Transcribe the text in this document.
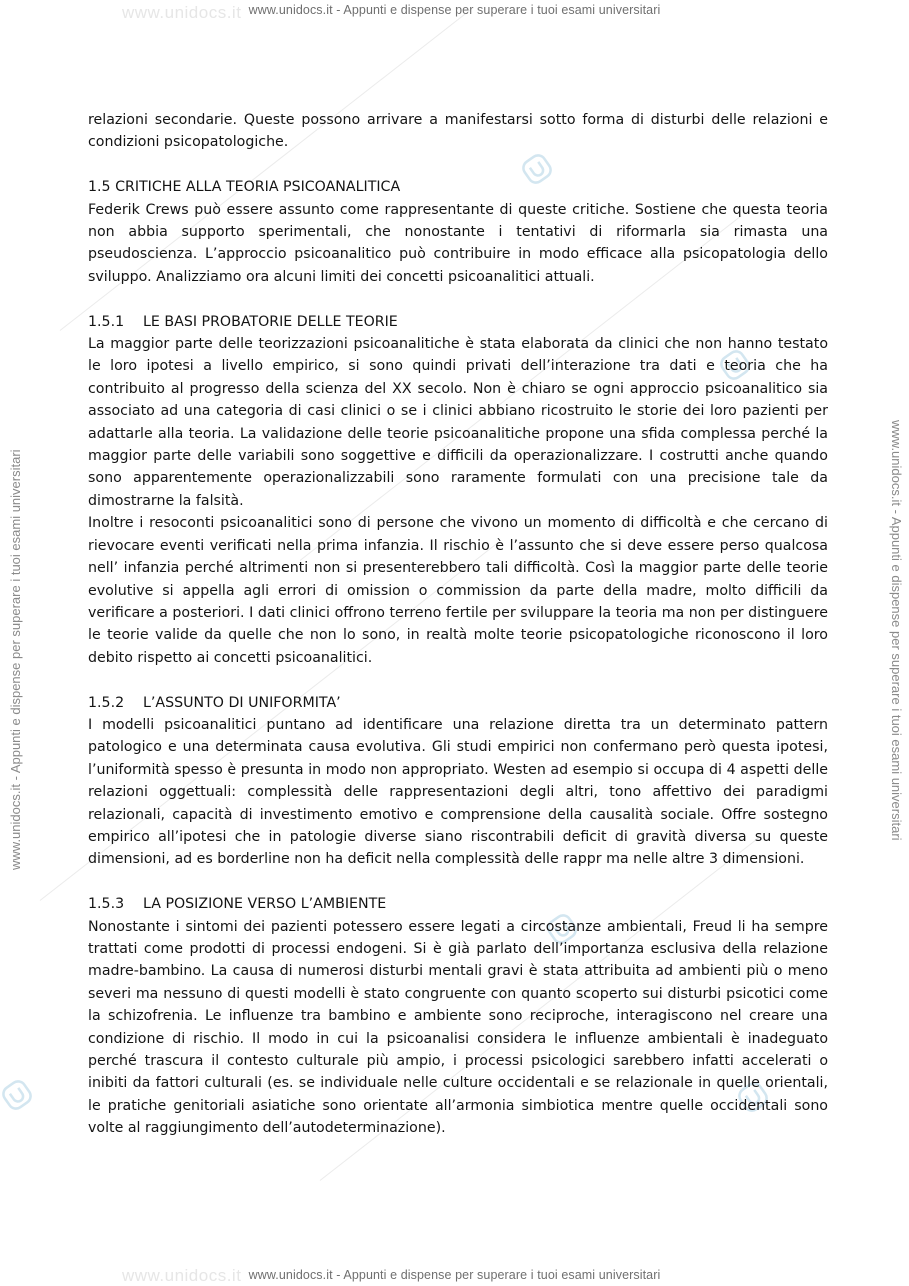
www.unidocs.it
www.unidocs.it
www.unidocs.it - Appunti e dispense per superare i tuoi esami universitari
www.unidocs.it - Appunti e dispense per superare i tuoi esami universitari
www.unidocs.it - Appunti e dispense per superare i tuoi esami universitari	www.unidocs.it - Appunti e dispense per superare i tuoi esami universitari

relazioni secondarie. Queste possono arrivare a manifestarsi sotto forma di disturbi delle relazioni e condizioni psicopatologiche.

1.5 CRITICHE ALLA TEORIA PSICOANALITICA

Federik Crews può essere assunto come rappresentante di queste critiche. Sostiene che questa teoria non abbia supporto sperimentali, che nonostante i tentativi di riformarla sia rimasta una pseudoscienza. L’approccio psicoanalitico può contribuire in modo efficace alla psicopatologia dello sviluppo. Analizziamo ora alcuni limiti dei concetti psicoanalitici attuali.

1.5.1 LE BASI PROBATORIE DELLE TEORIE

La maggior parte delle teorizzazioni psicoanalitiche è stata elaborata da clinici che non hanno testato le loro ipotesi a livello empirico, si sono quindi privati dell’interazione tra dati e teoria che ha contribuito al progresso della scienza del XX secolo. Non è chiaro se ogni approccio psicoanalitico sia associato ad una categoria di casi clinici o se i clinici abbiano ricostruito le storie dei loro pazienti per adattarle alla teoria. La validazione delle teorie psicoanalitiche propone una sfida complessa perché la maggior parte delle variabili sono soggettive e difficili da operazionalizzare. I costrutti anche quando sono apparentemente operazionalizzabili sono raramente formulati con una precisione tale da dimostrarne la falsità.

Inoltre i resoconti psicoanalitici sono di persone che vivono un momento di difficoltà e che cercano di rievocare eventi verificati nella prima infanzia. Il rischio è l’assunto che si deve essere perso qualcosa nell’ infanzia perché altrimenti non si presenterebbero tali difficoltà. Così la maggior parte delle teorie evolutive si appella agli errori di omission o commission da parte della madre, molto difficili da verificare a posteriori. I dati clinici offrono terreno fertile per sviluppare la teoria ma non per distinguere le teorie valide da quelle che non lo sono, in realtà molte teorie psicopatologiche riconoscono il loro debito rispetto ai concetti psicoanalitici.

1.5.2 L’ASSUNTO DI UNIFORMITA’

I modelli psicoanalitici puntano ad identificare una relazione diretta tra un determinato pattern patologico e una determinata causa evolutiva. Gli studi empirici non confermano però questa ipotesi, l’uniformità spesso è presunta in modo non appropriato. Westen ad esempio si occupa di 4 aspetti delle relazioni oggettuali: complessità delle rappresentazioni degli altri, tono affettivo dei paradigmi relazionali, capacità di investimento emotivo e comprensione della causalità sociale. Offre sostegno empirico all’ipotesi che in patologie diverse siano riscontrabili deficit di gravità diversa su queste dimensioni, ad es borderline non ha deficit nella complessità delle rappr ma nelle altre 3 dimensioni.

1.5.3 LA POSIZIONE VERSO L’AMBIENTE

Nonostante i sintomi dei pazienti potessero essere legati a circostanze ambientali, Freud li ha sempre trattati come prodotti di processi endogeni. Si è già parlato dell’importanza esclusiva della relazione madre-bambino. La causa di numerosi disturbi mentali gravi è stata attribuita ad ambienti più o meno severi ma nessuno di questi modelli è stato congruente con quanto scoperto sui disturbi psicotici come la schizofrenia. Le influenze tra bambino e ambiente sono reciproche, interagiscono nel creare una condizione di rischio. Il modo in cui la psicoanalisi considera le influenze ambientali è inadeguato perché trascura il contesto culturale più ampio, i processi psicologici sarebbero infatti accelerati o inibiti da fattori culturali (es. se individuale nelle culture occidentali e se relazionale in quelle orientali, le pratiche genitoriali asiatiche sono orientate all’armonia simbiotica mentre quelle occidentali sono volte al raggiungimento dell’autodeterminazione).
